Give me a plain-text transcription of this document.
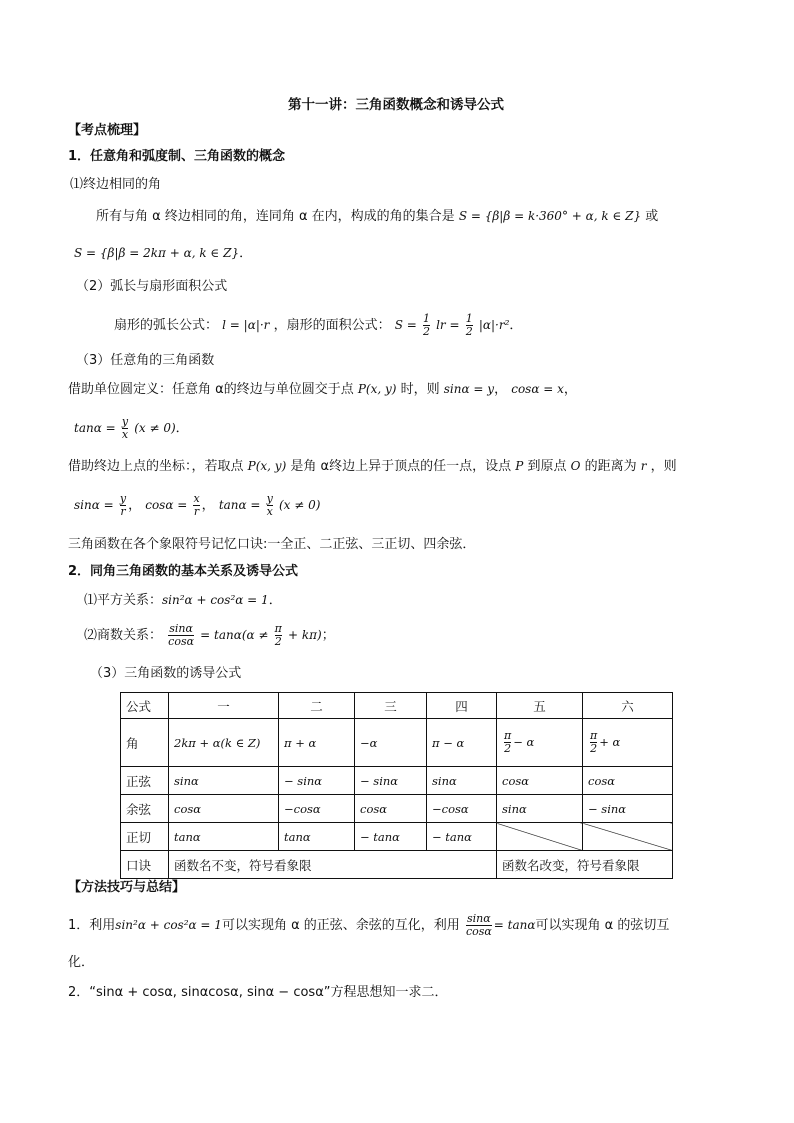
第十一讲：三角函数概念和诱导公式
【考点梳理】
1．任意角和弧度制、三角函数的概念
⑴终边相同的角
所有与角 α 终边相同的角，连同角 α 在内，构成的角的集合是 S = {β|β = k·360° + α, k ∈ Z} 或
S = {β|β = 2kπ + α, k ∈ Z}．
（2）弧长与扇形面积公式
扇形的弧长公式： l = |α|·r ，扇形的面积公式： $S = \frac{1}{2}$ lr = $\frac{1}{2} |\alpha|\cdot r^2$．
（3）任意角的三角函数
借助单位圆定义：任意角 α的终边与单位圆交于点 P(x, y) 时，则 sinα = y， cosα = x，
$\tan\alpha = \frac{y}{x} (x \ne 0)$．
借助终边上点的坐标：，若取点 P(x, y) 是角 α终边上异于顶点的任一点，设点 P 到原点 O 的距离为 r ，则
$\sin\alpha = \frac{y}{r}$ ， $\cos\alpha = \frac{x}{r}$ ， $\tan\alpha = \frac{y}{x} (x \ne 0)$
三角函数在各个象限符号记忆口诀:一全正、二正弦、三正切、四余弦．
2．同角三角函数的基本关系及诱导公式
⑴平方关系：sin²α + cos²α = 1．
⑵商数关系： $\frac{\sin\alpha}{\cos\alpha} = \tan\alpha(\alpha \ne \frac{\pi}{2} + k\pi)$；
（3）三角函数的诱导公式
公式	一	二	三	四	五	六
角	2kπ + α(k ∈ Z)	π + α	−α	π − α	$\frac{\pi}{2} - \alpha$	$\frac{\pi}{2} + \alpha$
正弦	sinα	− sinα	− sinα	sinα	cosα	cosα
余弦	cosα	−cosα	cosα	−cosα	sinα	− sinα
正切	tanα	tanα	− tanα	− tanα		
口诀	函数名不变，符号看象限				函数名改变，符号看象限	
【方法技巧与总结】
1．利用sin²α + cos²α = 1可以实现角 α 的正弦、余弦的互化，利用 $\frac{\sin\alpha}{\cos\alpha} = \tan\alpha$可以实现角 α 的弦切互
化．
2．“sinα + cosα, sinαcosα, sinα − cosα”方程思想知一求二．
